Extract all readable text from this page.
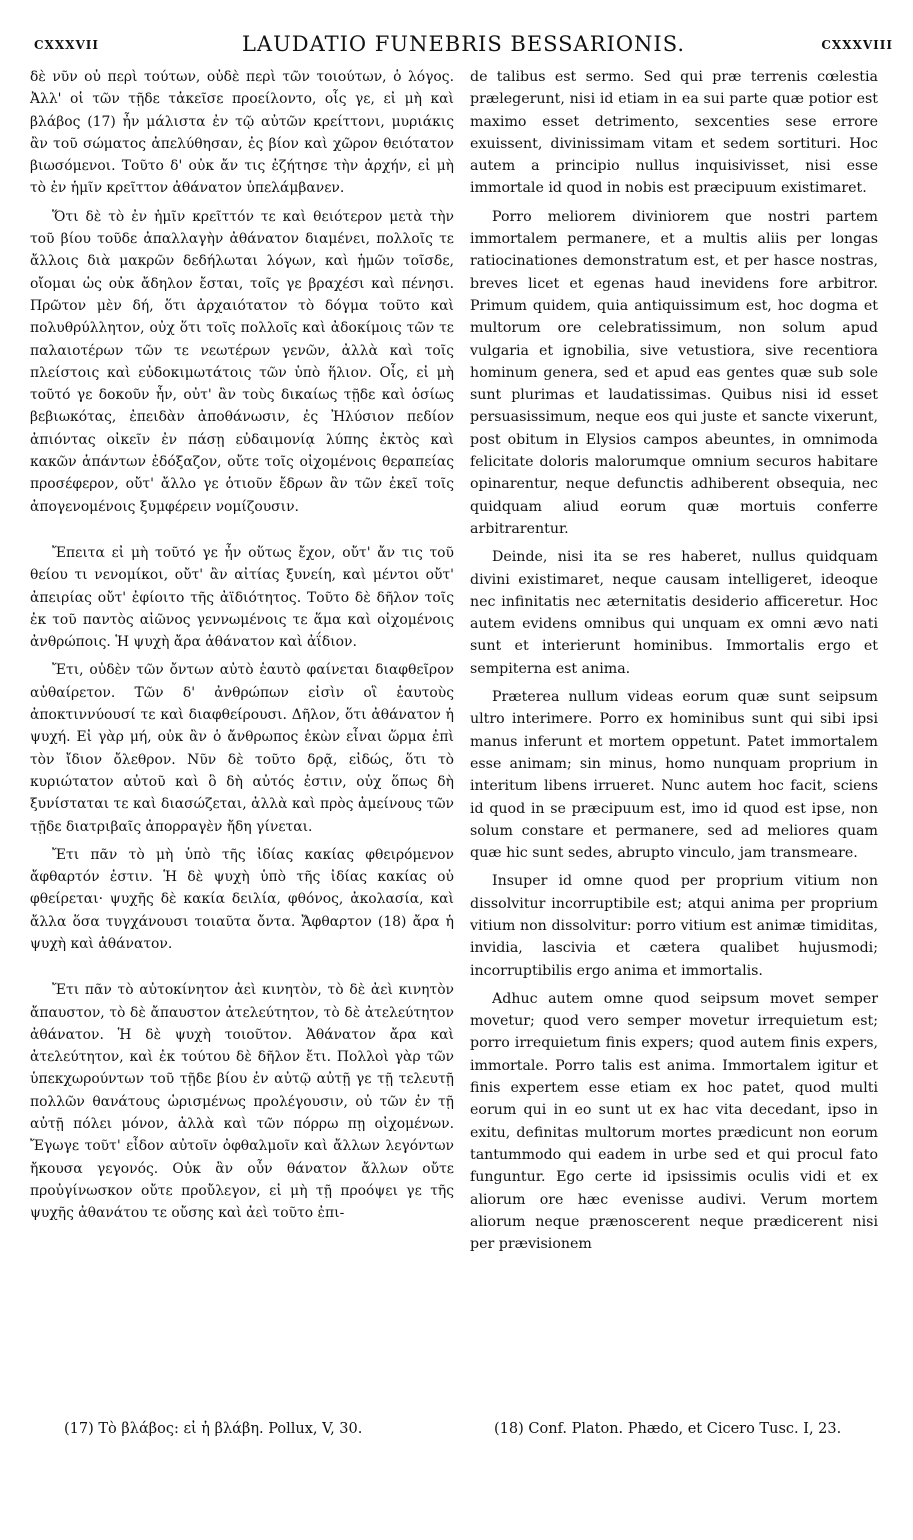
CXXXVII	LAUDATIO FUNEBRIS BESSARIONIS.	CXXXVIII

δὲ νῦν οὐ περὶ τούτων, οὐδὲ περὶ τῶν τοιούτων, ὁ λόγος. Ἀλλ' οἱ τῶν τῇδε τἀκεῖσε προείλοντο, οἷς γε, εἰ μὴ καὶ βλάβος (17) ἦν μάλιστα ἐν τῷ αὐτῶν κρείττονι, μυριάκις ἂν τοῦ σώματος ἀπελύθησαν, ἐς βίον καὶ χῶρον θειότατον βιωσόμενοι. Τοῦτο δ' οὐκ ἄν τις ἐζήτησε τὴν ἀρχήν, εἰ μὴ τὸ ἐν ἡμῖν κρεῖττον ἀθάνατον ὑπελάμβανεν.

Ὅτι δὲ τὸ ἐν ἡμῖν κρεῖττόν τε καὶ θειότερον μετὰ τὴν τοῦ βίου τοῦδε ἀπαλλαγὴν ἀθάνατον διαμένει, πολλοῖς τε ἄλλοις διὰ μακρῶν δεδήλωται λόγων, καὶ ἡμῶν τοῖσδε, οἴομαι ὡς οὐκ ἄδηλον ἔσται, τοῖς γε βραχέσι καὶ πένησι. Πρῶτον μὲν δή, ὅτι ἀρχαιότατον τὸ δόγμα τοῦτο καὶ πολυθρύλλητον, οὐχ ὅτι τοῖς πολλοῖς καὶ ἀδοκίμοις τῶν τε παλαιοτέρων τῶν τε νεωτέρων γενῶν, ἀλλὰ καὶ τοῖς πλείστοις καὶ εὐδοκιμωτάτοις τῶν ὑπὸ ἥλιον. Οἷς, εἰ μὴ τοῦτό γε δοκοῦν ἦν, οὐτ' ἂν τοὺς δικαίως τῇδε καὶ ὁσίως βεβιωκότας, ἐπειδὰν ἀποθάνωσιν, ἐς Ἠλύσιον πεδίον ἀπιόντας οἰκεῖν ἐν πάσῃ εὐδαιμονίᾳ λύπης ἐκτὸς καὶ κακῶν ἁπάντων ἐδόξαζον, οὔτε τοῖς οἰχομένοις θεραπείας προσέφερον, οὔτ' ἄλλο γε ὁτιοῦν ἔδρων ἂν τῶν ἐκεῖ τοῖς ἀπογενομένοις ξυμφέρειν νομίζουσιν.

Ἔπειτα εἰ μὴ τοῦτό γε ἦν οὕτως ἔχον, οὔτ' ἄν τις τοῦ θείου τι νενομίκοι, οὔτ' ἂν αἰτίας ξυνείη, καὶ μέντοι οὔτ' ἀπειρίας οὔτ' ἐφίοιτο τῆς ἀϊδιότητος. Τοῦτο δὲ δῆλον τοῖς ἐκ τοῦ παντὸς αἰῶνος γεννωμένοις τε ἅμα καὶ οἰχομένοις ἀνθρώποις. Ἡ ψυχὴ ἄρα ἀθάνατον καὶ ἀΐδιον.

Ἔτι, οὐδὲν τῶν ὄντων αὐτὸ ἑαυτὸ φαίνεται διαφθεῖρον αὐθαίρετον. Τῶν δ' ἀνθρώπων εἰσὶν οἳ ἑαυτοὺς ἀποκτιννύουσί τε καὶ διαφθείρουσι. Δῆλον, ὅτι ἀθάνατον ἡ ψυχή. Εἰ γὰρ μή, οὐκ ἂν ὁ ἄνθρωπος ἑκὼν εἶναι ὥρμα ἐπὶ τὸν ἴδιον ὄλεθρον. Νῦν δὲ τοῦτο δρᾷ, εἰδώς, ὅτι τὸ κυριώτατον αὐτοῦ καὶ ὃ δὴ αὐτός ἐστιν, οὐχ ὅπως δὴ ξυνίσταται τε καὶ διασώζεται, ἀλλὰ καὶ πρὸς ἀμείνους τῶν τῇδε διατριβαῖς ἀπορραγὲν ἤδη γίνεται.

Ἔτι πᾶν τὸ μὴ ὑπὸ τῆς ἰδίας κακίας φθειρόμενον ἄφθαρτόν ἐστιν. Ἡ δὲ ψυχὴ ὑπὸ τῆς ἰδίας κακίας οὐ φθείρεται· ψυχῆς δὲ κακία δειλία, φθόνος, ἀκολασία, καὶ ἄλλα ὅσα τυγχάνουσι τοιαῦτα ὄντα. Ἄφθαρτον (18) ἄρα ἡ ψυχὴ καὶ ἀθάνατον.

Ἔτι πᾶν τὸ αὐτοκίνητον ἀεὶ κινητὸν, τὸ δὲ ἀεὶ κινητὸν ἄπαυστον, τὸ δὲ ἄπαυστον ἀτελεύτητον, τὸ δὲ ἀτελεύτητον ἀθάνατον. Ἡ δὲ ψυχὴ τοιοῦτον. Ἀθάνατον ἄρα καὶ ἀτελεύτητον, καὶ ἐκ τούτου δὲ δῆλον ἔτι. Πολλοὶ γὰρ τῶν ὑπεκχωρούντων τοῦ τῇδε βίου ἐν αὐτῷ αὐτῇ γε τῇ τελευτῇ πολλῶν θανάτους ὡρισμένως προλέγουσιν, οὐ τῶν ἐν τῇ αὐτῇ πόλει μόνον, ἀλλὰ καὶ τῶν πόρρω πῃ οἰχομένων. Ἔγωγε τοῦτ' εἶδον αὐτοῖν ὀφθαλμοῖν καὶ ἄλλων λεγόντων ἤκουσα γεγονός. Οὐκ ἂν οὖν θάνατον ἄλλων οὔτε προὐγίνωσκον οὔτε προὔλεγον, εἰ μὴ τῇ προόψει γε τῆς ψυχῆς ἀθανάτου τε οὔσης καὶ ἀεὶ τοῦτο ἐπι-

de talibus est sermo. Sed qui præ terrenis cœlestia prælegerunt, nisi id etiam in ea sui parte quæ potior est maximo esset detrimento, sexcenties sese errore exuissent, divinissimam vitam et sedem sortituri. Hoc autem a principio nullus inquisivisset, nisi esse immortale id quod in nobis est præcipuum existimaret.

Porro meliorem diviniorem que nostri partem immortalem permanere, et a multis aliis per longas ratiocinationes demonstratum est, et per hasce nostras, breves licet et egenas haud inevidens fore arbitror. Primum quidem, quia antiquissimum est, hoc dogma et multorum ore celebratissimum, non solum apud vulgaria et ignobilia, sive vetustiora, sive recentiora hominum genera, sed et apud eas gentes quæ sub sole sunt plurimas et laudatissimas. Quibus nisi id esset persuasissimum, neque eos qui juste et sancte vixerunt, post obitum in Elysios campos abeuntes, in omnimoda felicitate doloris malorumque omnium securos habitare opinarentur, neque defunctis adhiberent obsequia, nec quidquam aliud eorum quæ mortuis conferre arbitrarentur.

Deinde, nisi ita se res haberet, nullus quidquam divini existimaret, neque causam intelligeret, ideoque nec infinitatis nec æternitatis desiderio afficeretur. Hoc autem evidens omnibus qui unquam ex omni ævo nati sunt et interierunt hominibus. Immortalis ergo et sempiterna est anima.

Præterea nullum videas eorum quæ sunt seipsum ultro interimere. Porro ex hominibus sunt qui sibi ipsi manus inferunt et mortem oppetunt. Patet immortalem esse animam; sin minus, homo nunquam proprium in interitum libens irrueret. Nunc autem hoc facit, sciens id quod in se præcipuum est, imo id quod est ipse, non solum constare et permanere, sed ad meliores quam quæ hic sunt sedes, abrupto vinculo, jam transmeare.

Insuper id omne quod per proprium vitium non dissolvitur incorruptibile est; atqui anima per proprium vitium non dissolvitur: porro vitium est animæ timiditas, invidia, lascivia et cætera qualibet hujusmodi; incorruptibilis ergo anima et immortalis.

Adhuc autem omne quod seipsum movet semper movetur; quod vero semper movetur irrequietum est; porro irrequietum finis expers; quod autem finis expers, immortale. Porro talis est anima. Immortalem igitur et finis expertem esse etiam ex hoc patet, quod multi eorum qui in eo sunt ut ex hac vita decedant, ipso in exitu, definitas multorum mortes prædicunt non eorum tantummodo qui eadem in urbe sed et qui procul fato funguntur. Ego certe id ipsissimis oculis vidi et ex aliorum ore hæc evenisse audivi. Verum mortem aliorum neque prænoscerent neque prædicerent nisi per prævisionem

(17) Τὸ βλάβος: εἰ ἡ βλάβη. Pollux, V, 30.	(18) Conf. Platon. Phædo, et Cicero Tusc. I, 23.
